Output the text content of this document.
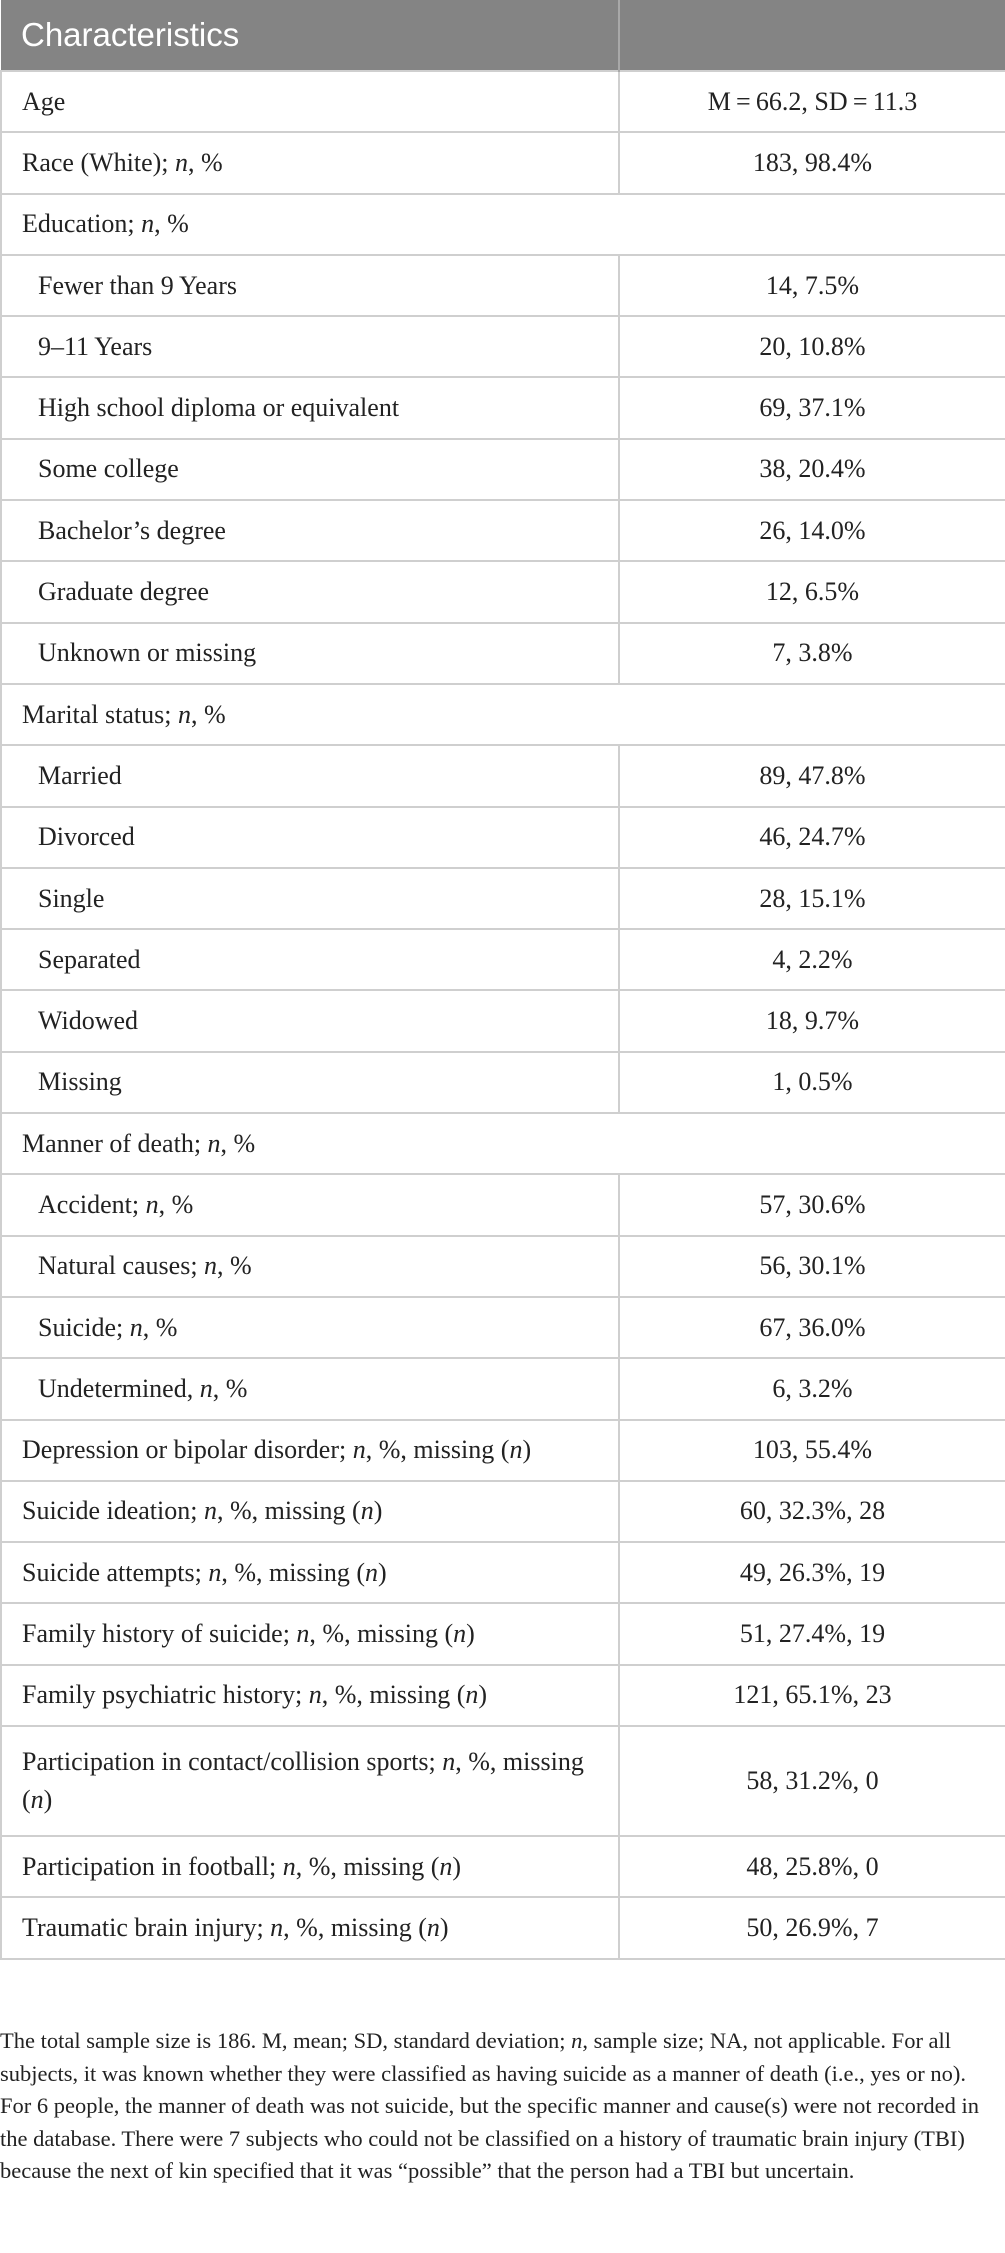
Characteristics	
Age	M = 66.2, SD = 11.3
Race (White); n, %	183, 98.4%
Education; n, %	
Fewer than 9 Years	14, 7.5%
9–11 Years	20, 10.8%
High school diploma or equivalent	69, 37.1%
Some college	38, 20.4%
Bachelor’s degree	26, 14.0%
Graduate degree	12, 6.5%
Unknown or missing	7, 3.8%
Marital status; n, %	
Married	89, 47.8%
Divorced	46, 24.7%
Single	28, 15.1%
Separated	4, 2.2%
Widowed	18, 9.7%
Missing	1, 0.5%
Manner of death; n, %	
Accident; n, %	57, 30.6%
Natural causes; n, %	56, 30.1%
Suicide; n, %	67, 36.0%
Undetermined, n, %	6, 3.2%
Depression or bipolar disorder; n, %, missing (n)	103, 55.4%
Suicide ideation; n, %, missing (n)	60, 32.3%, 28
Suicide attempts; n, %, missing (n)	49, 26.3%, 19
Family history of suicide; n, %, missing (n)	51, 27.4%, 19
Family psychiatric history; n, %, missing (n)	121, 65.1%, 23
Participation in contact/collision sports; n, %, missing (n)	58, 31.2%, 0
Participation in football; n, %, missing (n)	48, 25.8%, 0
Traumatic brain injury; n, %, missing (n)	50, 26.9%, 7
The total sample size is 186. M, mean; SD, standard deviation; n, sample size; NA, not applicable. For all subjects, it was known whether they were classified as having suicide as a manner of death (i.e., yes or no). For 6 people, the manner of death was not suicide, but the specific manner and cause(s) were not recorded in the database. There were 7 subjects who could not be classified on a history of traumatic brain injury (TBI) because the next of kin specified that it was “possible” that the person had a TBI but uncertain.
